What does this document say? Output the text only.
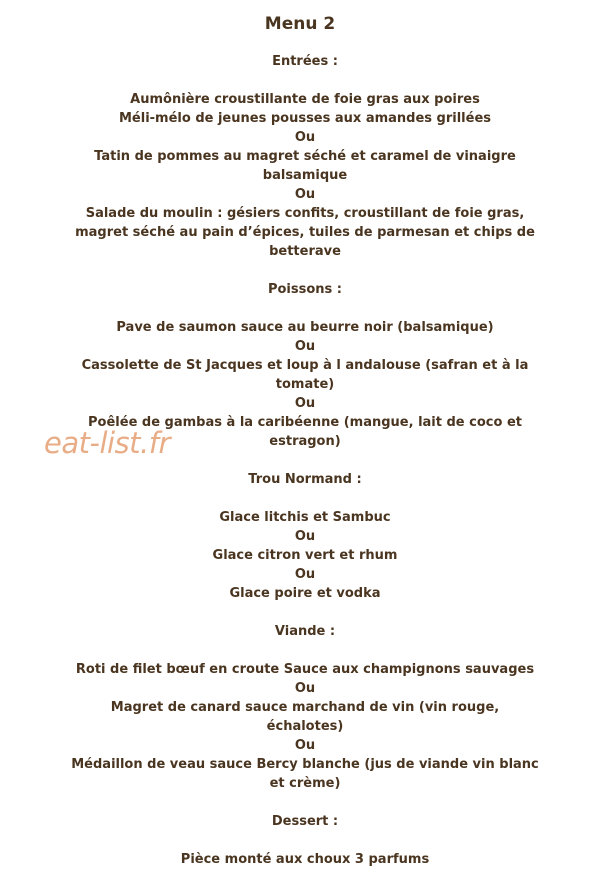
Menu 2
Entrées :
Aumônière croustillante de foie gras aux poires
Méli-mélo de jeunes pousses aux amandes grillées
Ou
Tatin de pommes au magret séché et caramel de vinaigre
balsamique
Ou
Salade du moulin : gésiers confits, croustillant de foie gras,
magret séché au pain d’épices, tuiles de parmesan et chips de
betterave
Poissons :
Pave de saumon sauce au beurre noir (balsamique)
Ou
Cassolette de St Jacques et loup à l andalouse (safran et à la
tomate)
Ou
Poêlée de gambas à la caribéenne (mangue, lait de coco et
estragon)
Trou Normand :
Glace litchis et Sambuc
Ou
Glace citron vert et rhum
Ou
Glace poire et vodka
Viande :
Roti de filet bœuf en croute Sauce aux champignons sauvages
Ou
Magret de canard sauce marchand de vin (vin rouge,
échalotes)
Ou
Médaillon de veau sauce Bercy blanche (jus de viande vin blanc
et crème)
Dessert :
Pièce monté aux choux 3 parfums
eat-list.fr
